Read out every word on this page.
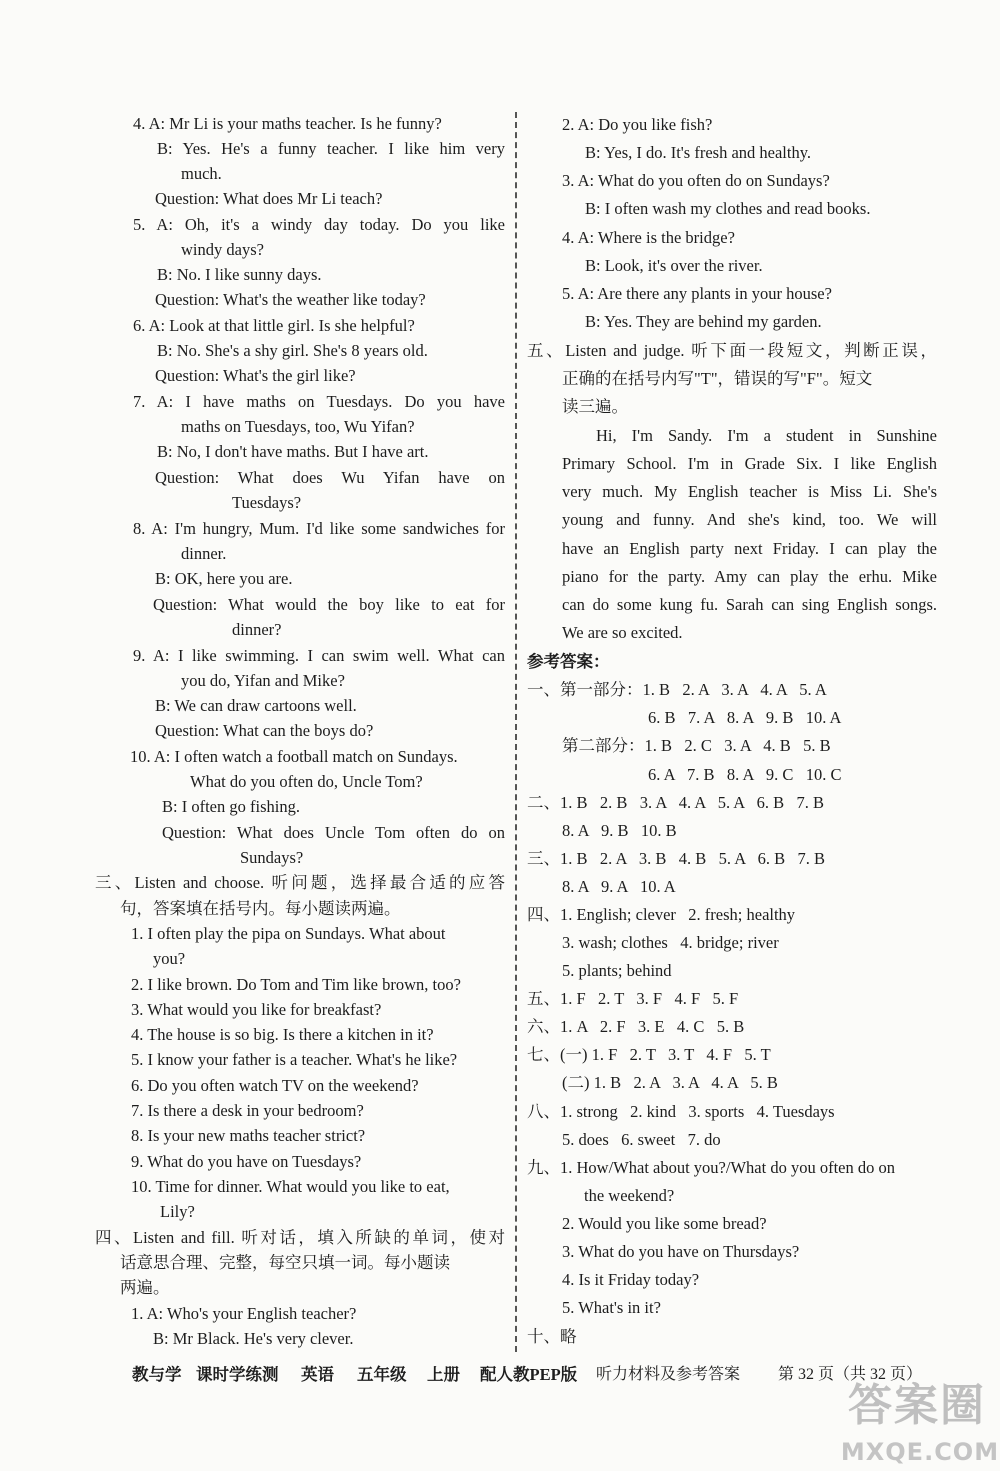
4. A: Mr Li is your maths teacher. Is he funny?
B: Yes. He's a funny teacher. I like him very
much.
Question: What does Mr Li teach?
5. A: Oh, it's a windy day today. Do you like
windy days?
B: No. I like sunny days.
Question: What's the weather like today?
6. A: Look at that little girl. Is she helpful?
B: No. She's a shy girl. She's 8 years old.
Question: What's the girl like?
7. A: I have maths on Tuesdays. Do you have
maths on Tuesdays, too, Wu Yifan?
B: No, I don't have maths. But I have art.
Question: What does Wu Yifan have on
Tuesdays?
8. A: I'm hungry, Mum. I'd like some sandwiches for
dinner.
B: OK, here you are.
Question: What would the boy like to eat for
dinner?
9. A: I like swimming. I can swim well. What can
you do, Yifan and Mike?
B: We can draw cartoons well.
Question: What can the boys do?
10. A: I often watch a football match on Sundays.
What do you often do, Uncle Tom?
B: I often go fishing.
Question: What does Uncle Tom often do on
Sundays?
三、Listen and choose. 听问题，选择最合适的应答
句，答案填在括号内。每小题读两遍。
1. I often play the pipa on Sundays. What about
you?
2. I like brown. Do Tom and Tim like brown, too?
3. What would you like for breakfast?
4. The house is so big. Is there a kitchen in it?
5. I know your father is a teacher. What's he like?
6. Do you often watch TV on the weekend?
7. Is there a desk in your bedroom?
8. Is your new maths teacher strict?
9. What do you have on Tuesdays?
10. Time for dinner. What would you like to eat,
Lily?
四、Listen and fill. 听对话，填入所缺的单词，使对
话意思合理、完整，每空只填一词。每小题读
两遍。
1. A: Who's your English teacher?
B: Mr Black. He's very clever.
2. A: Do you like fish?
B: Yes, I do. It's fresh and healthy.
3. A: What do you often do on Sundays?
B: I often wash my clothes and read books.
4. A: Where is the bridge?
B: Look, it's over the river.
5. A: Are there any plants in your house?
B: Yes. They are behind my garden.
五、Listen and judge. 听下面一段短文，判断正误，
正确的在括号内写"T"，错误的写"F"。短文
读三遍。
Hi, I'm Sandy. I'm a student in Sunshine
Primary School. I'm in Grade Six. I like English
very much. My English teacher is Miss Li. She's
young and funny. And she's kind, too. We will
have an English party next Friday. I can play the
piano for the party. Amy can play the erhu. Mike
can do some kung fu. Sarah can sing English songs.
We are so excited.
参考答案：
一、第一部分：1. B   2. A   3. A   4. A   5. A
6. B   7. A   8. A   9. B   10. A
第二部分：1. B   2. C   3. A   4. B   5. B
6. A   7. B   8. A   9. C   10. C
二、1. B   2. B   3. A   4. A   5. A   6. B   7. B
8. A   9. B   10. B
三、1. B   2. A   3. B   4. B   5. A   6. B   7. B
8. A   9. A   10. A
四、1. English; clever   2. fresh; healthy
3. wash; clothes   4. bridge; river
5. plants; behind
五、1. F   2. T   3. F   4. F   5. F
六、1. A   2. F   3. E   4. C   5. B
七、(一) 1. F   2. T   3. T   4. F   5. T
(二) 1. B   2. A   3. A   4. A   5. B
八、1. strong   2. kind   3. sports   4. Tuesdays
5. does   6. sweet   7. do
九、1. How/What about you?/What do you often do on
the weekend?
2. Would you like some bread?
3. What do you have on Thursdays?
4. Is it Friday today?
5. What's in it?
十、略
教与学 课时学练测 英语 五年级 上册 配人教PEP版 听力材料及参考答案 第 32 页（共 32 页）
答案圈
MXQE.COM
